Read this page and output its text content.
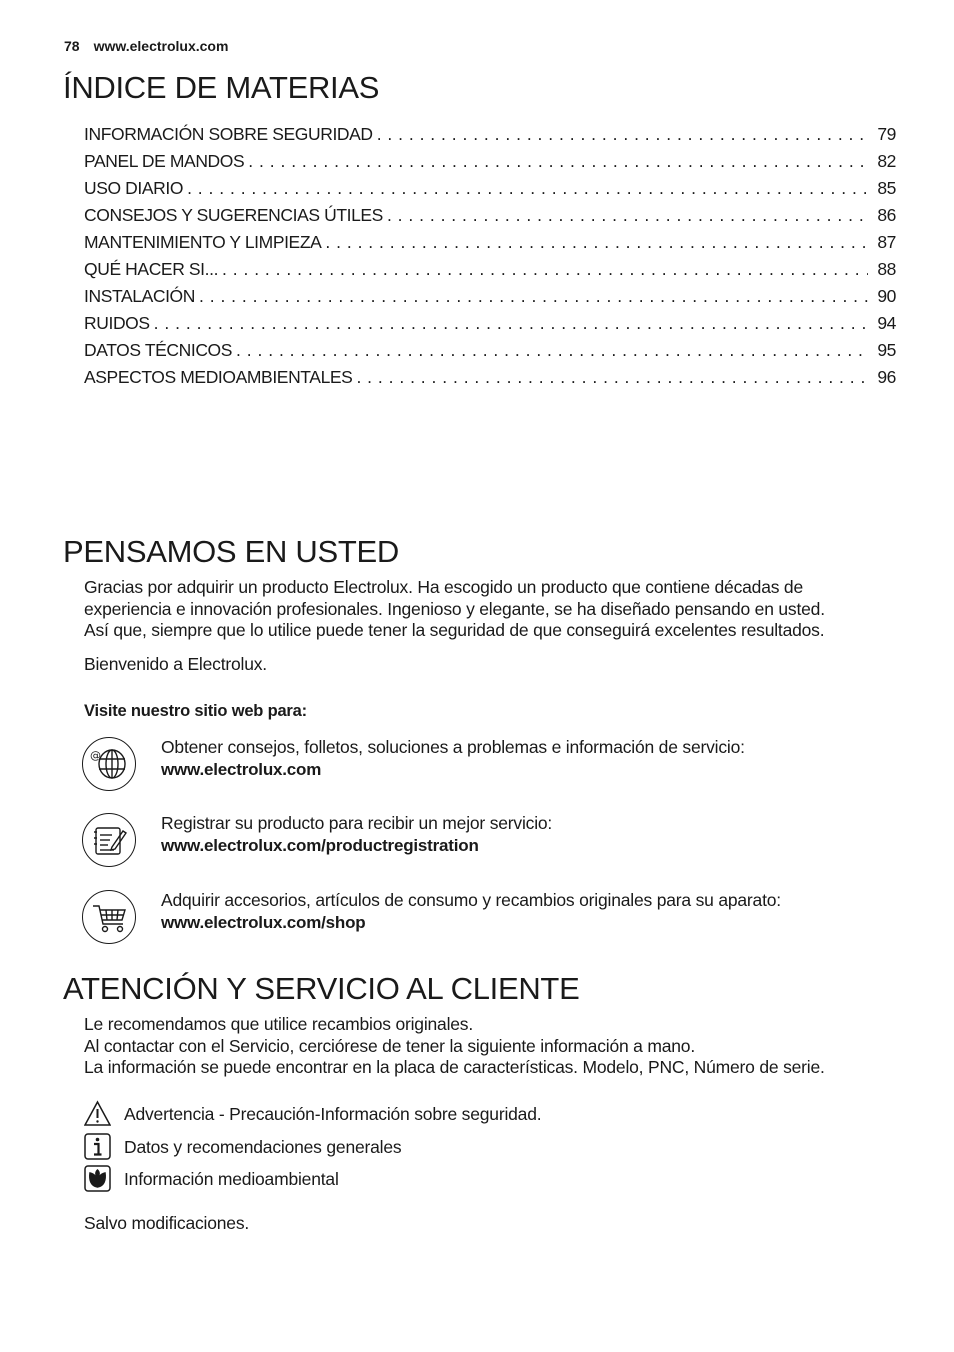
78 www.electrolux.com
ÍNDICE DE MATERIAS
INFORMACIÓN SOBRE SEGURIDAD . . .	79
PANEL DE MANDOS . . .	82
USO DIARIO . . .	85
CONSEJOS Y SUGERENCIAS ÚTILES . . .	86
MANTENIMIENTO Y LIMPIEZA . . .	87
QUÉ HACER SI... . . .	88
INSTALACIÓN . . .	90
RUIDOS . . .	94
DATOS TÉCNICOS . . .	95
ASPECTOS MEDIOAMBIENTALES . . .	96
PENSAMOS EN USTED
Gracias por adquirir un producto Electrolux. Ha escogido un producto que contiene décadas de
experiencia e innovación profesionales. Ingenioso y elegante, se ha diseñado pensando en usted.
Así que, siempre que lo utilice puede tener la seguridad de que conseguirá excelentes resultados.
Bienvenido a Electrolux.
Visite nuestro sitio web para:
@	Obtener consejos, folletos, soluciones a problemas e información de servicio:
www.electrolux.com
Registrar su producto para recibir un mejor servicio:
www.electrolux.com/productregistration
Adquirir accesorios, artículos de consumo y recambios originales para su aparato:
www.electrolux.com/shop
ATENCIÓN Y SERVICIO AL CLIENTE
Le recomendamos que utilice recambios originales.
Al contactar con el Servicio, cerciórese de tener la siguiente información a mano.
La información se puede encontrar en la placa de características. Modelo, PNC, Número de serie.
Advertencia - Precaución-Información sobre seguridad.
Datos y recomendaciones generales
Información medioambiental
Salvo modificaciones.
